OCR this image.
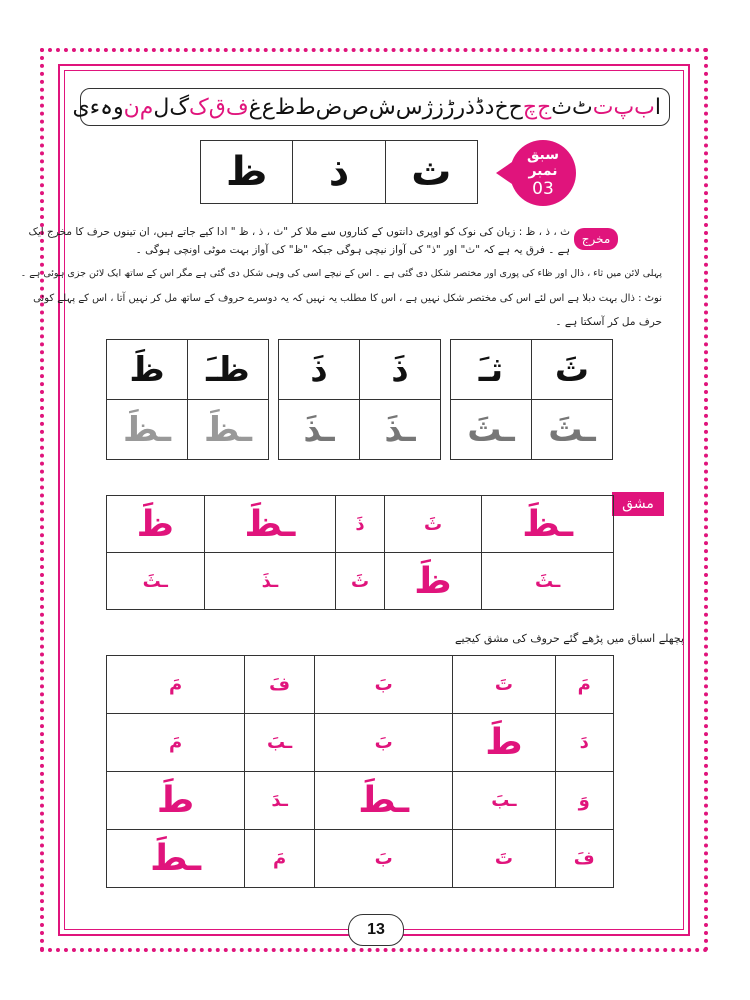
ا
ب
پ
ت
ٹ
ث
ج
چ
ح
خ
د
ڈ
ذ
ر
ڑ
ز
ژ
س
ش
ص
ض
ط
ظ
ع
غ
ف
ق
ک
گ
ل
م
ن
و
ہ
ء
ی
ث
ذ
ظ	سبق نمبر
03
مخرج
ث ، ذ ، ظ : زبان کی نوک کو اوپری دانتوں کے کناروں سے ملا کر "ث ، ذ ، ظ " ادا کیے جاتے ہیں، ان تینوں حرف کا مخرج ایک
ہے ۔ فرق یہ ہے کہ "ث" اور "ذ" کی آواز نیچی ہوگی جبکہ "ظ" کی آواز بہت موٹی اونچی ہوگی ۔
پہلی لائن میں ثاء ، ذال اور ظاء کی پوری اور مختصر شکل دی گئی ہے ۔ اس کے نیچے اسی کی وہی شکل دی گئی ہے مگر اس کے ساتھ ایک لائن جزی ہوئی ہے ۔
نوٹ : ذال بہت دبلا ہے اس لئے اس کی مختصر شکل نہیں ہے ، اس کا مطلب یہ نہیں کہ یہ دوسرے حروف کے ساتھ مل کر نہیں آتا ، اس کے پہلے کوئی
حرف مل کر آسکتا ہے ۔
ثـَ	ثَ
ـثَ	ـثَ
ذَ	ذَ
ـذَ	ـذَ
ظَ	ظـَ
ـظَ	ـظَ
مشق
ظَ	ـظَ	ذَ	ثَ	ـظَ
ـثَ	ـذَ	ثَ	ظَ	ـثَ
پچھلے اسباق میں پڑھے گئے حروف کی مشق کیجیے
مَ	فَ	بَ	تَ	مَ
مَ	ـبَ	بَ	طَ	دَ
طَ	ـدَ	ـطَ	ـبَ	وَ
ـطَ	مَ	بَ	تَ	فَ
13
